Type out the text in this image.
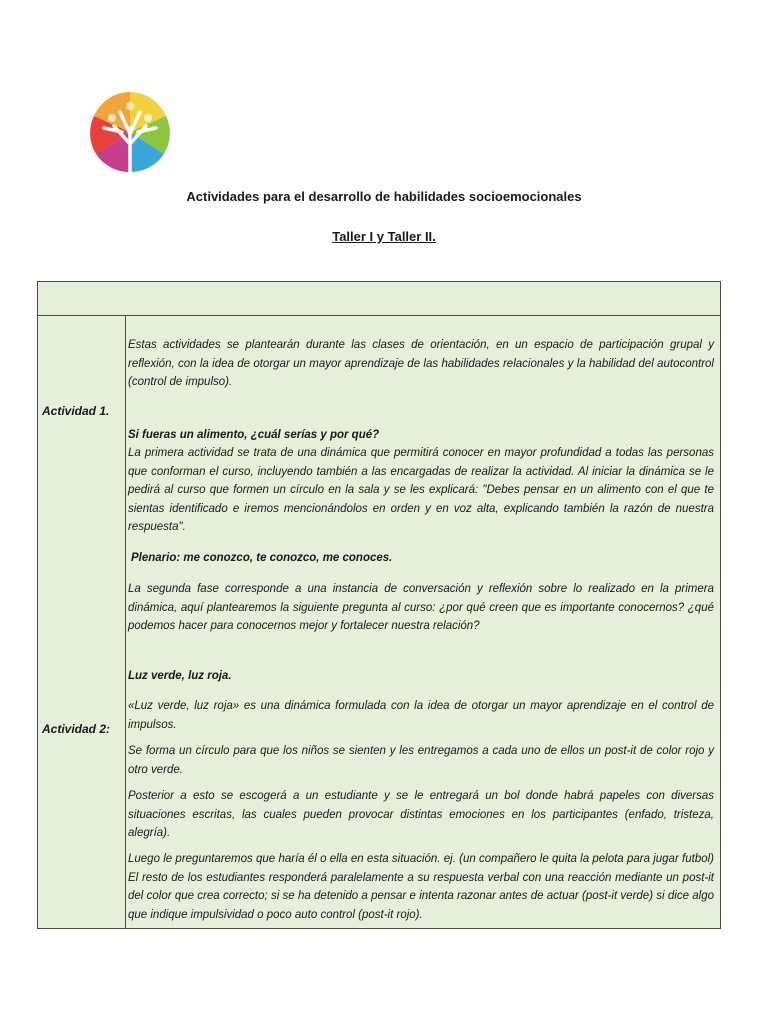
Actividades para el desarrollo de habilidades socioemocionales
Taller I y Taller II.
Actividad 1.
Actividad 2:
Estas actividades se plantearán durante las clases de orientación, en un espacio de participación grupal y reflexión, con la idea de otorgar un mayor aprendizaje de las habilidades relacionales y la habilidad del autocontrol (control de impulso).
Si fueras un alimento, ¿cuál serías y por qué?
La primera actividad se trata de una dinámica que permitirá conocer en mayor profundidad a todas las personas que conforman el curso, incluyendo también a las encargadas de realizar la actividad. Al iniciar la dinámica se le pedirá al curso que formen un círculo en la sala y se les explicará: "Debes pensar en un alimento con el que te sientas identificado e iremos mencionándolos en orden y en voz alta, explicando también la razón de nuestra respuesta".
Plenario: me conozco, te conozco, me conoces.
La segunda fase corresponde a una instancia de conversación y reflexión sobre lo realizado en la primera dinámica, aquí plantearemos la siguiente pregunta al curso: ¿por qué creen que es importante conocernos? ¿qué podemos hacer para conocernos mejor y fortalecer nuestra relación?
Luz verde, luz roja.
«Luz verde, luz roja» es una dinámica formulada con la idea de otorgar un mayor aprendizaje en el control de impulsos.
Se forma un círculo para que los niños se sienten y les entregamos a cada uno de ellos un post-it de color rojo y otro verde.
Posterior a esto se escogerá a un estudiante y se le entregará un bol donde habrá papeles con diversas situaciones escritas, las cuales pueden provocar distintas emociones en los participantes (enfado, tristeza, alegría).
Luego le preguntaremos que haría él o ella en esta situación. ej. (un compañero le quita la pelota para jugar futbol) El resto de los estudiantes responderá paralelamente a su respuesta verbal con una reacción mediante un post-it del color que crea correcto; si se ha detenido a pensar e intenta razonar antes de actuar (post-it verde) si dice algo que indique impulsividad o poco auto control (post-it rojo).
